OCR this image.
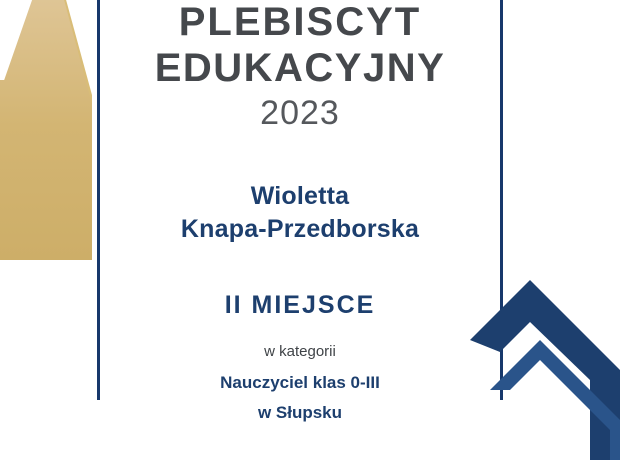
PLEBISCYT
EDUKACYJNY
2023
Wioletta
Knapa-Przedborska
II MIEJSCE
w kategorii
Nauczyciel klas 0-III
w Słupsku
